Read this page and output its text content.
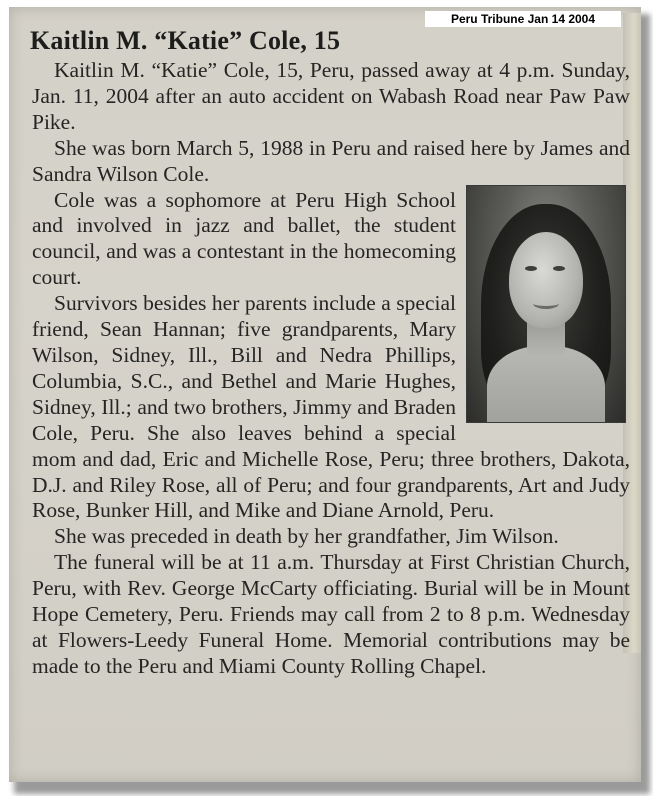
Peru Tribune Jan 14 2004
Kaitlin M. “Katie” Cole, 15

Kaitlin M. “Katie” Cole, 15, Peru, passed away at 4 p.m. Sunday, Jan. 11, 2004 after an auto accident on Wabash Road near Paw Paw Pike.

She was born March 5, 1988 in Peru and raised here by James and Sandra Wilson Cole.

Cole was a sophomore at Peru High School and involved in jazz and ballet, the student council, and was a contestant in the homecoming court.

Survivors besides her parents include a special friend, Sean Hannan; five grandparents, Mary Wilson, Sidney, Ill., Bill and Nedra Phillips, Columbia, S.C., and Bethel and Marie Hughes, Sidney, Ill.; and two brothers, Jimmy and Braden Cole, Peru. She also leaves behind a special mom and dad, Eric and Michelle Rose, Peru; three brothers, Dakota, D.J. and Riley Rose, all of Peru; and four grandparents, Art and Judy Rose, Bunker Hill, and Mike and Diane Arnold, Peru.

She was preceded in death by her grandfather, Jim Wilson.

The funeral will be at 11 a.m. Thursday at First Christian Church, Peru, with Rev. George McCarty officiating. Burial will be in Mount Hope Cemetery, Peru. Friends may call from 2 to 8 p.m. Wednesday at Flowers-Leedy Funeral Home. Memorial contributions may be made to the Peru and Miami County Rolling Chapel.
